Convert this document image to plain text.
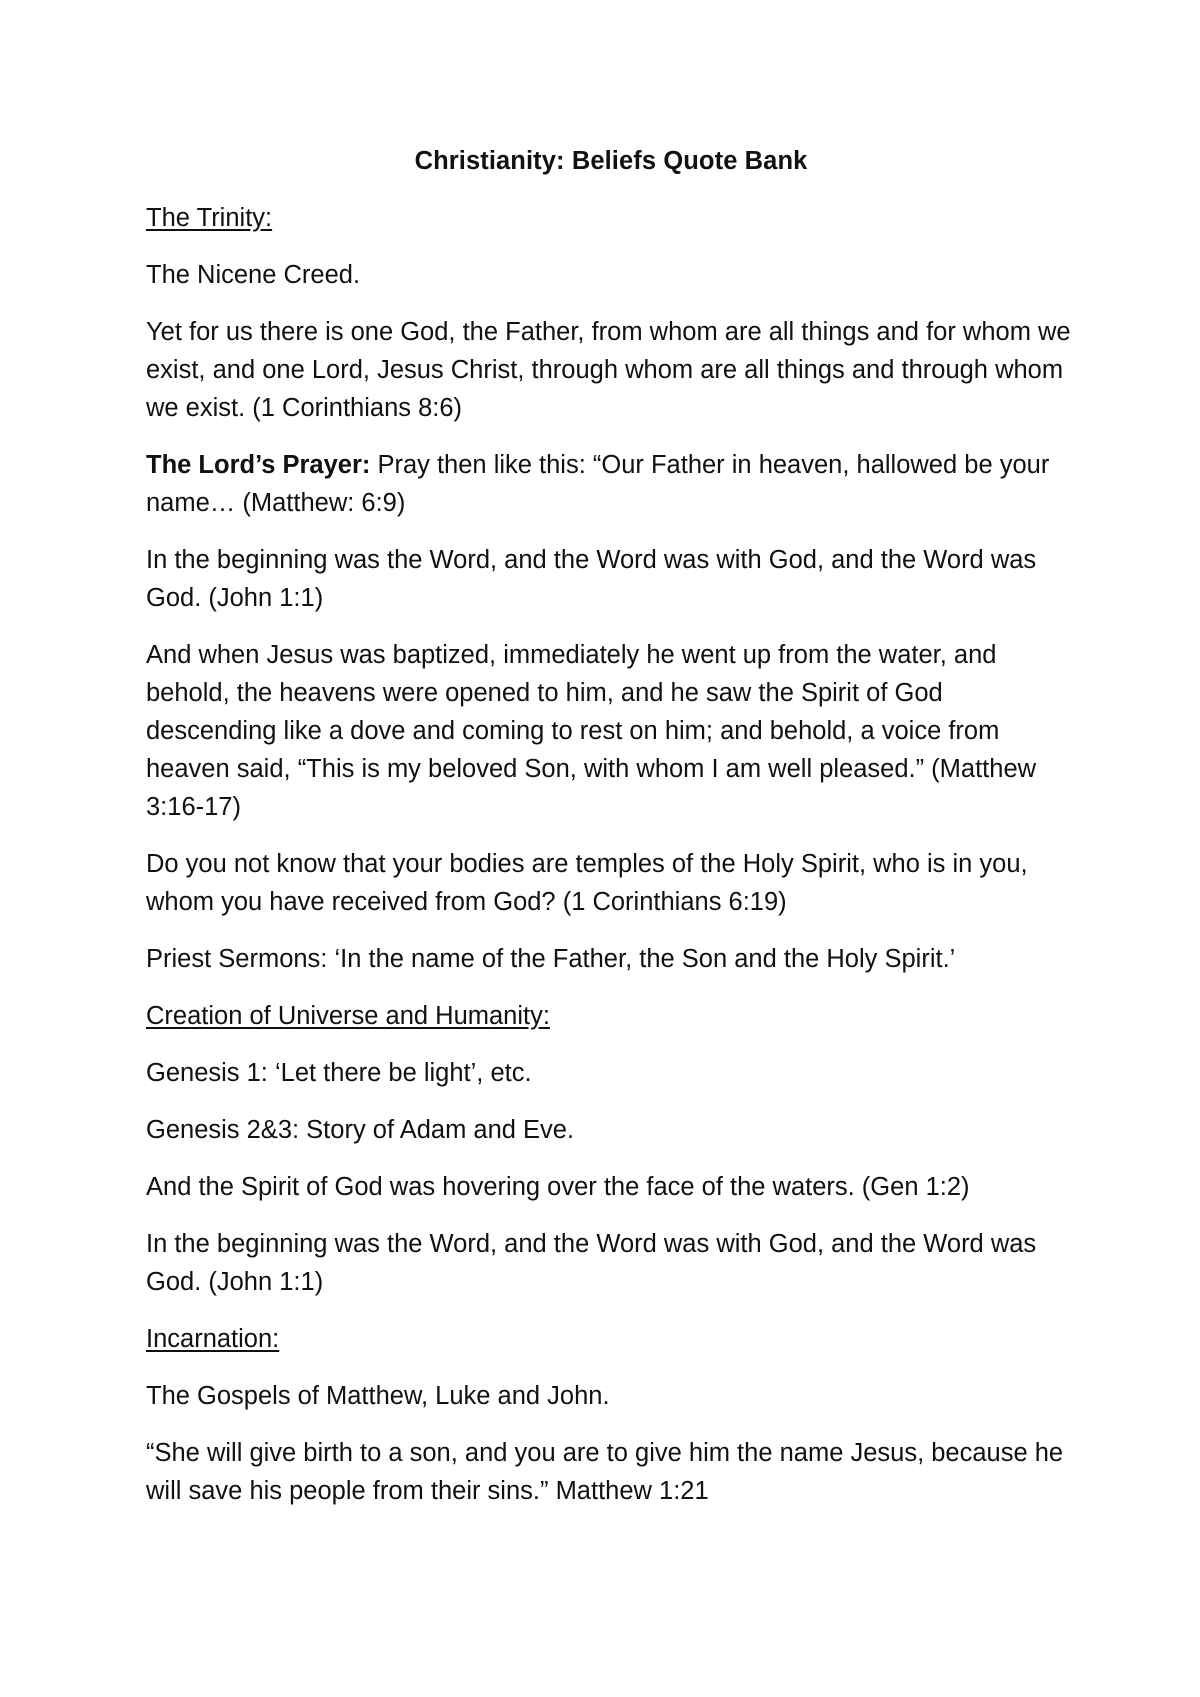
Christianity: Beliefs Quote Bank
The Trinity:
The Nicene Creed.
Yet for us there is one God, the Father, from whom are all things and for whom we exist, and one Lord, Jesus Christ, through whom are all things and through whom we exist. (1 Corinthians 8:6)
The Lord’s Prayer: Pray then like this: “Our Father in heaven, hallowed be your name… (Matthew: 6:9)
In the beginning was the Word, and the Word was with God, and the Word was God. (John 1:1)
And when Jesus was baptized, immediately he went up from the water, and behold, the heavens were opened to him, and he saw the Spirit of God descending like a dove and coming to rest on him; and behold, a voice from heaven said, “This is my beloved Son, with whom I am well pleased.” (Matthew 3:16-17)
Do you not know that your bodies are temples of the Holy Spirit, who is in you, whom you have received from God? (1 Corinthians 6:19)
Priest Sermons: ‘In the name of the Father, the Son and the Holy Spirit.’
Creation of Universe and Humanity:
Genesis 1: ‘Let there be light’, etc.
Genesis 2&3: Story of Adam and Eve.
And the Spirit of God was hovering over the face of the waters. (Gen 1:2)
In the beginning was the Word, and the Word was with God, and the Word was God. (John 1:1)
Incarnation:
The Gospels of Matthew, Luke and John.
“She will give birth to a son, and you are to give him the name Jesus, because he will save his people from their sins.” Matthew 1:21
